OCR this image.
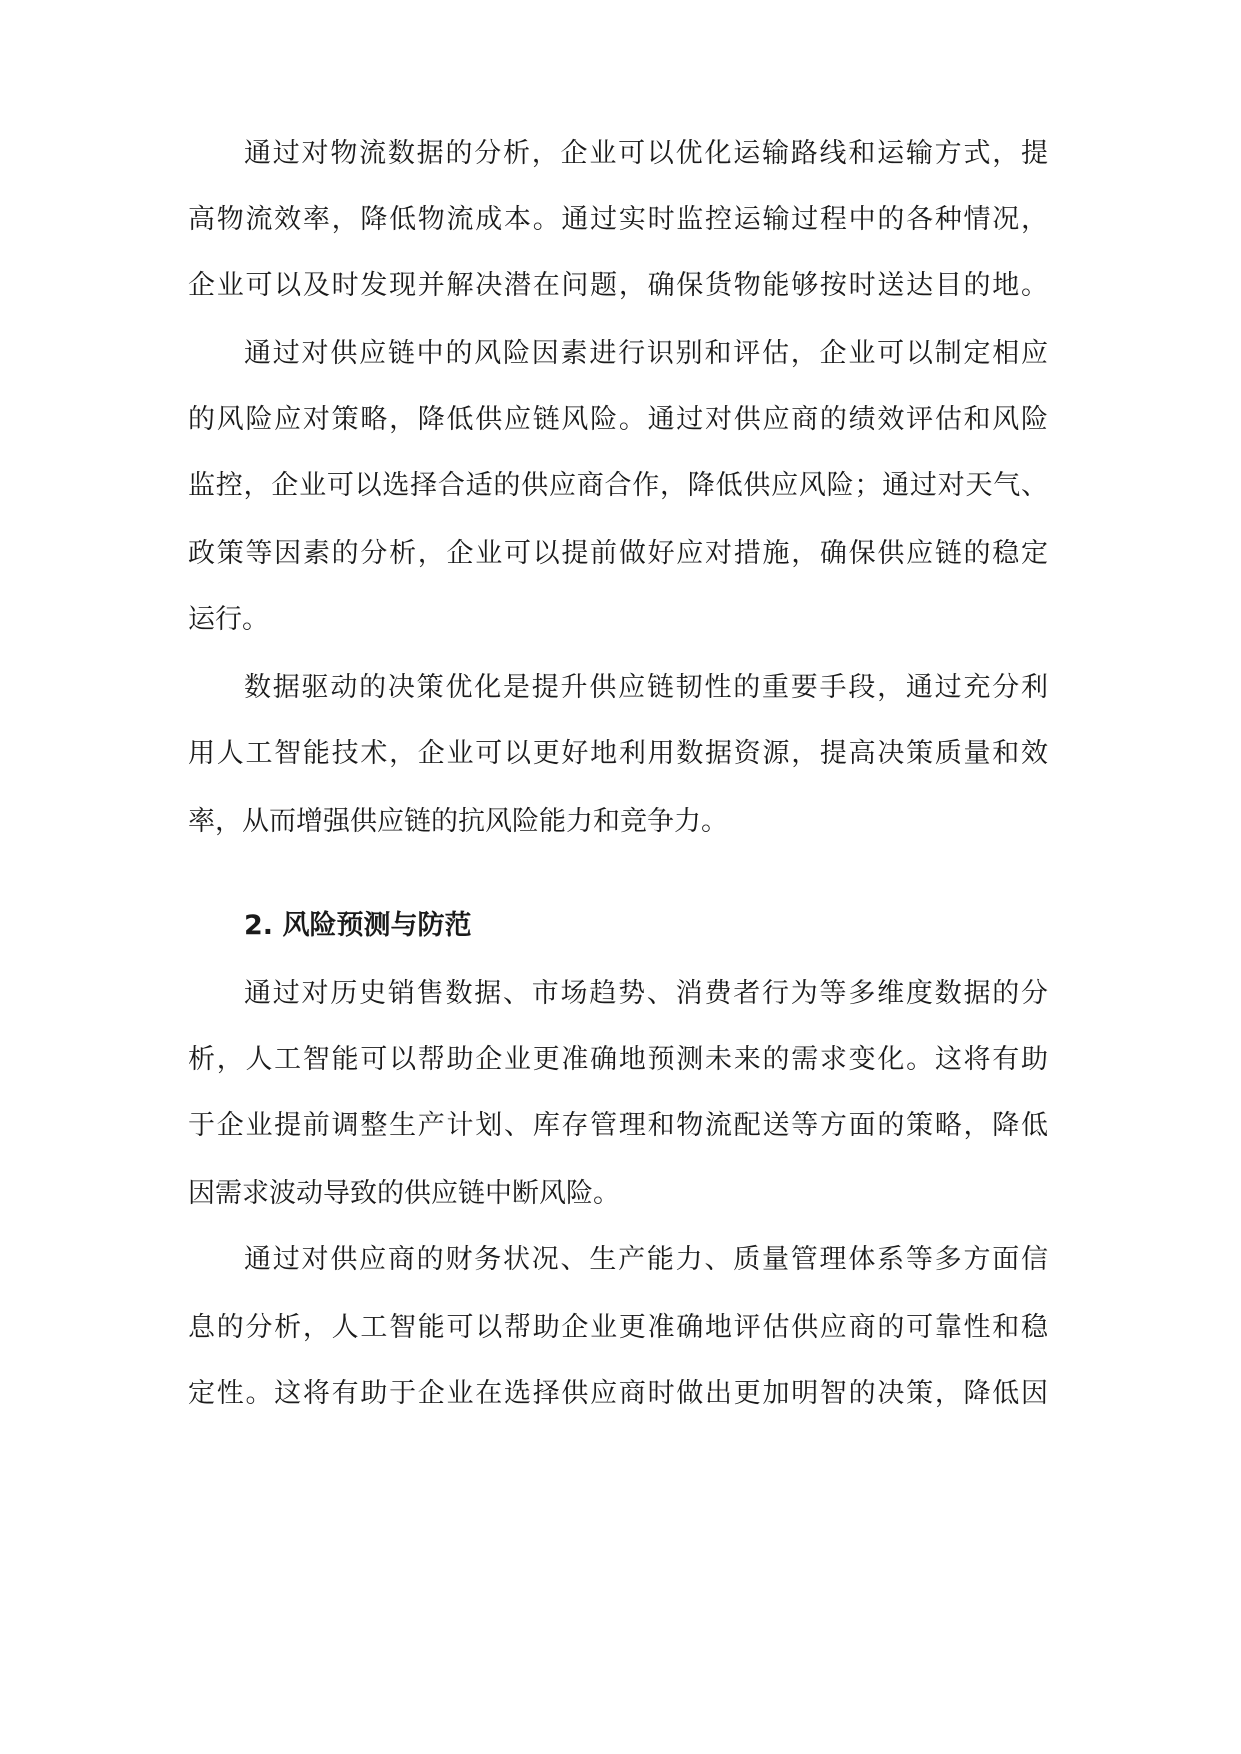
通过对物流数据的分析，企业可以优化运输路线和运输方式，提
高物流效率，降低物流成本。通过实时监控运输过程中的各种情况，
企业可以及时发现并解决潜在问题，确保货物能够按时送达目的地。
通过对供应链中的风险因素进行识别和评估，企业可以制定相应
的风险应对策略，降低供应链风险。通过对供应商的绩效评估和风险
监控，企业可以选择合适的供应商合作，降低供应风险；通过对天气、
政策等因素的分析，企业可以提前做好应对措施，确保供应链的稳定
运行。
数据驱动的决策优化是提升供应链韧性的重要手段，通过充分利
用人工智能技术，企业可以更好地利用数据资源，提高决策质量和效
率，从而增强供应链的抗风险能力和竞争力。
2. 风险预测与防范
通过对历史销售数据、市场趋势、消费者行为等多维度数据的分
析，人工智能可以帮助企业更准确地预测未来的需求变化。这将有助
于企业提前调整生产计划、库存管理和物流配送等方面的策略，降低
因需求波动导致的供应链中断风险。
通过对供应商的财务状况、生产能力、质量管理体系等多方面信
息的分析，人工智能可以帮助企业更准确地评估供应商的可靠性和稳
定性。这将有助于企业在选择供应商时做出更加明智的决策，降低因
